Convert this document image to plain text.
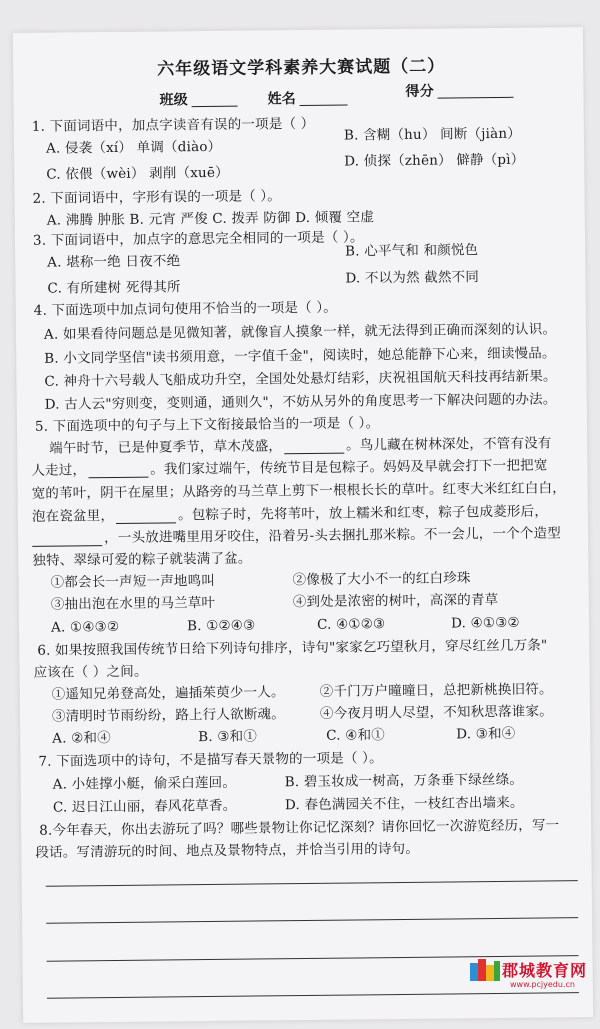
六年级语文学科素养大赛试题（二）
班级	姓名	得分
1. 下面词语中，加点字读音有误的一项是（ ）
A. 侵袭（xí） 单调（diào）
B. 含糊（hu） 间断（jiàn）
C. 依偎（wèi） 剥削（xuē）
D. 侦探（zhēn） 僻静（pì）
2. 下面词语中，字形有误的一项是（ ）。
A. 沸腾 肿胀 B. 元宵 严俊 C. 拨弄 防御 D. 倾覆 空虚
3. 下面词语中，加点字的意思完全相同的一项是（ ）。
A. 堪称一绝 日夜不绝
B. 心平气和 和颜悦色
C. 有所建树 死得其所
D. 不以为然 截然不同
4. 下面选项中加点词句使用不恰当的一项是（ ）。
A. 如果看待问题总是见微知著，就像盲人摸象一样，就无法得到正确而深刻的认识。
B. 小文同学坚信"读书须用意，一字值千金"，阅读时，她总能静下心来，细读慢品。
C. 神舟十六号载人飞船成功升空，全国处处悬灯结彩，庆祝祖国航天科技再结新果。
D. 古人云"穷则变，变则通，通则久"，不妨从另外的角度思考一下解决问题的办法。
5. 下面选项中的句子与上下文衔接最恰当的一项是（ ）。
端午时节，已是仲夏季节，草木茂盛，	。鸟儿藏在树林深处，不管有没有
人走过，	。我们家过端午，传统节目是包粽子。妈妈及早就会打下一把把宽
宽的苇叶，阴干在屋里；从路旁的马兰草上剪下一根根长长的草叶。红枣大米红红白白，
泡在瓷盆里，	。包粽子时，先将苇叶，放上糯米和红枣，粽子包成菱形后，
，一头放进嘴里用牙咬住，沿着另-头去捆扎那米粽。不一会儿，一个个造型
独特、翠绿可爱的粽子就装满了盆。
①都会长一声短一声地鸣叫	②像极了大小不一的红白珍珠
③抽出泡在水里的马兰草叶	④到处是浓密的树叶，高深的青草
A. ①④③②	B. ①②④③	C. ④①②③	D. ④①③②
6. 如果按照我国传统节日给下列诗句排序，诗句"家家乞巧望秋月，穿尽红丝几万条"
应该在（ ）之间。
①遥知兄弟登高处，遍插茱萸少一人。	②千门万户曈曈日，总把新桃换旧符。
③清明时节雨纷纷，路上行人欲断魂。	④今夜月明人尽望，不知秋思落谁家。
A. ②和④	B. ③和①	C. ④和①	D. ③和④
7. 下面选项中的诗句，不是描写春天景物的一项是（ ）。
A. 小娃撑小艇，偷采白莲回。	B. 碧玉妆成一树高，万条垂下绿丝绦。
C. 迟日江山丽，春风花草香。	D. 春色满园关不住，一枝红杏出墙来。
8.今年春天，你出去游玩了吗？哪些景物让你记忆深刻？请你回忆一次游览经历，写一
段话。写清游玩的时间、地点及景物特点，并恰当引用的诗句。
郡城教育网
www.pcjyedu.cn
